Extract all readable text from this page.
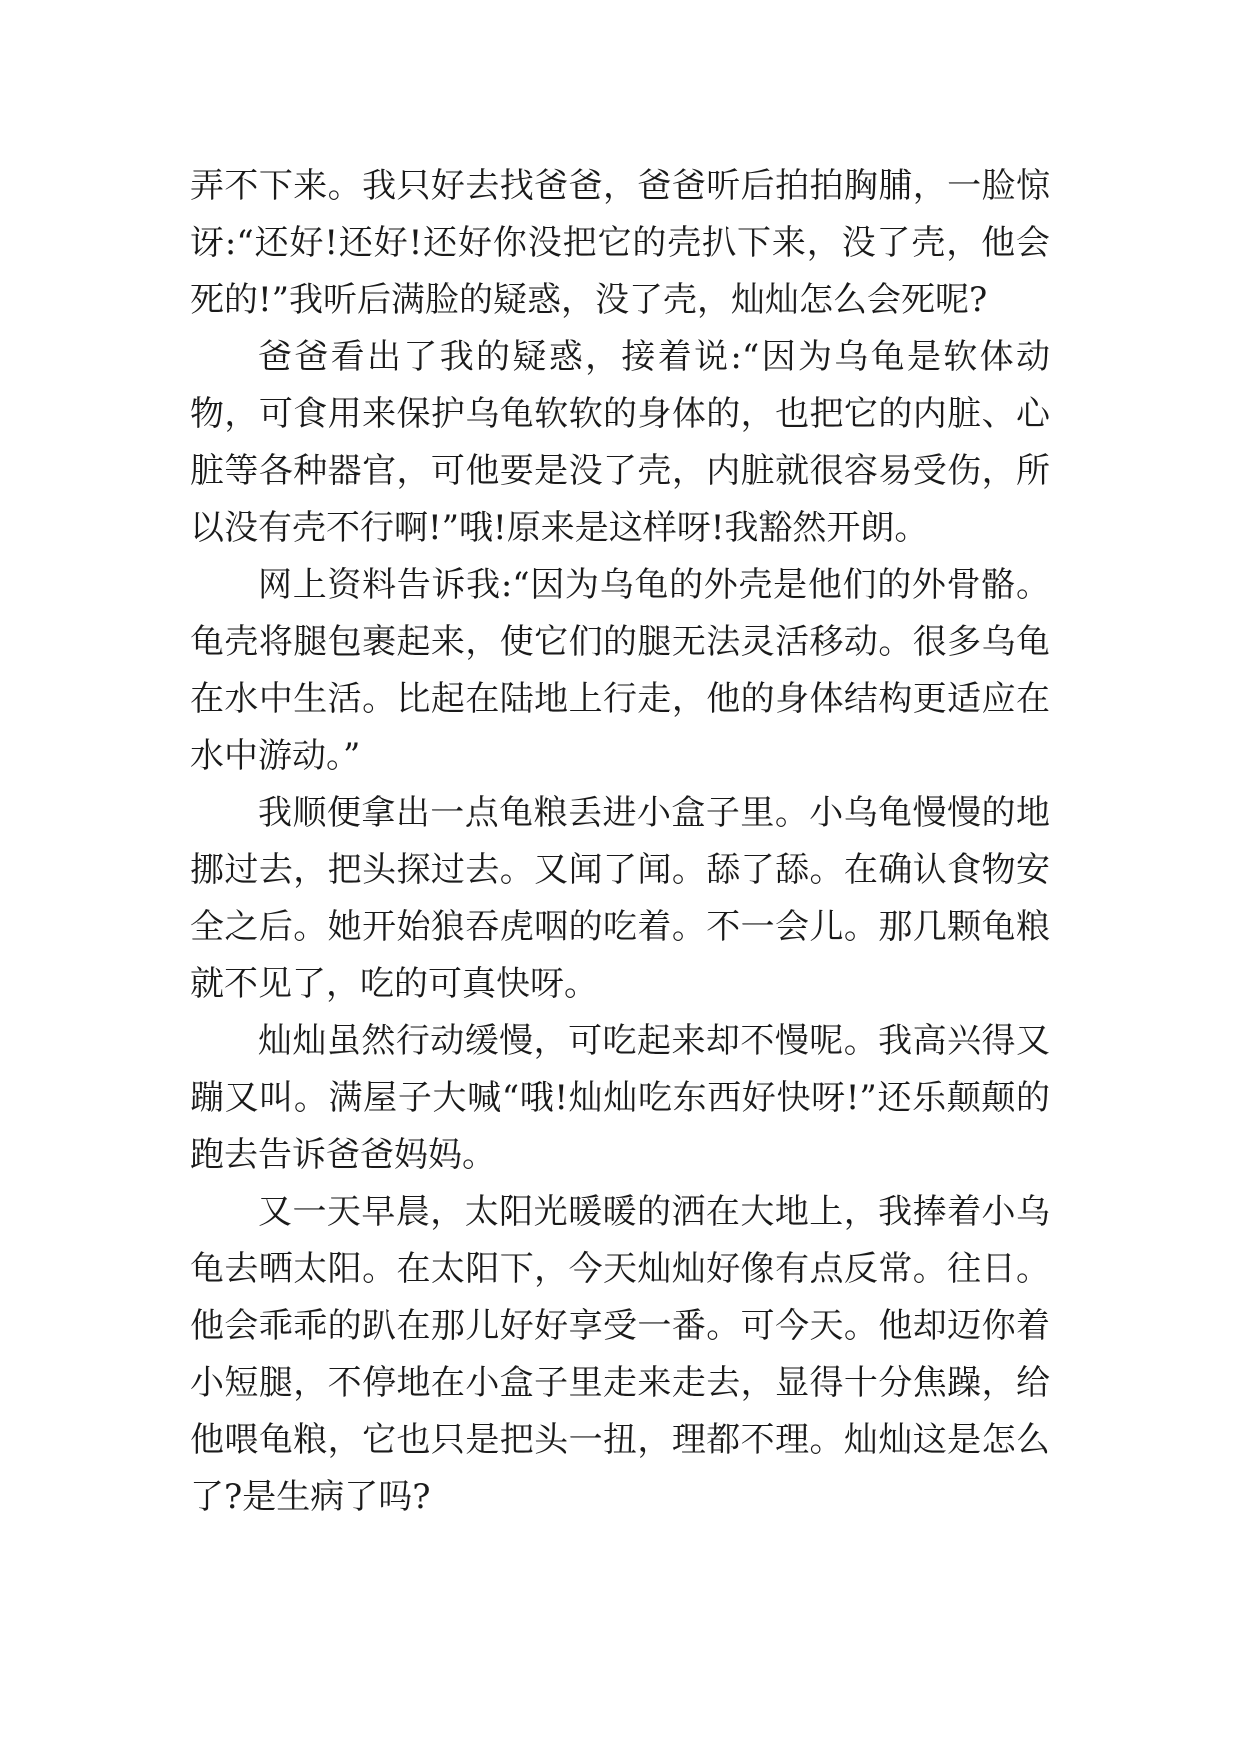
弄不下来。我只好去找爸爸，爸爸听后拍拍胸脯，一脸惊讶:“还好!还好!还好你没把它的壳扒下来，没了壳，他会死的!”我听后满脸的疑惑，没了壳，灿灿怎么会死呢?

爸爸看出了我的疑惑，接着说:“因为乌龟是软体动物，可食用来保护乌龟软软的身体的，也把它的内脏、心脏等各种器官，可他要是没了壳，内脏就很容易受伤，所以没有壳不行啊!”哦!原来是这样呀!我豁然开朗。

网上资料告诉我:“因为乌龟的外壳是他们的外骨骼。龟壳将腿包裹起来，使它们的腿无法灵活移动。很多乌龟在水中生活。比起在陆地上行走，他的身体结构更适应在水中游动。”

我顺便拿出一点龟粮丢进小盒子里。小乌龟慢慢的地挪过去，把头探过去。又闻了闻。舔了舔。在确认食物安全之后。她开始狼吞虎咽的吃着。不一会儿。那几颗龟粮就不见了，吃的可真快呀。

灿灿虽然行动缓慢，可吃起来却不慢呢。我高兴得又蹦又叫。满屋子大喊“哦!灿灿吃东西好快呀!”还乐颠颠的跑去告诉爸爸妈妈。

又一天早晨，太阳光暖暖的洒在大地上，我捧着小乌龟去晒太阳。在太阳下，今天灿灿好像有点反常。往日。他会乖乖的趴在那儿好好享受一番。可今天。他却迈你着小短腿，不停地在小盒子里走来走去，显得十分焦躁，给他喂龟粮，它也只是把头一扭，理都不理。灿灿这是怎么了?是生病了吗?
